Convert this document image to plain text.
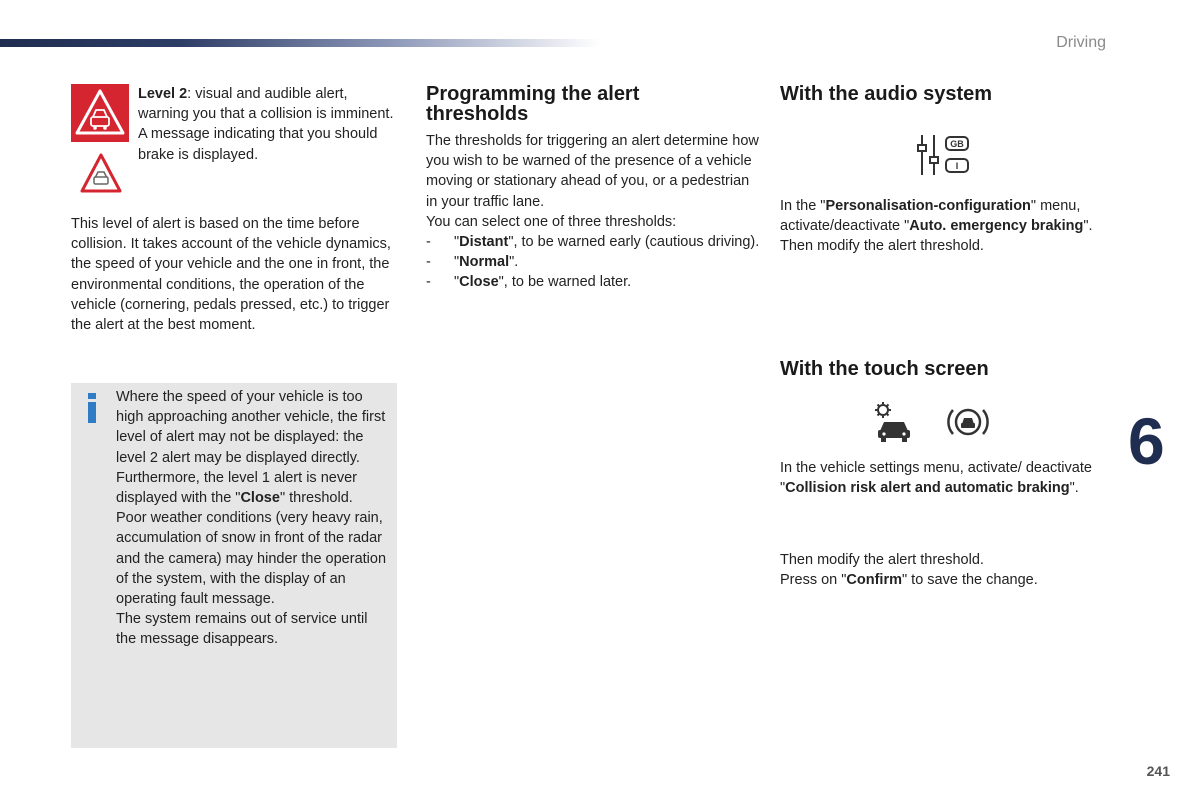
Driving
6
241
Level 2: visual and audible alert, warning you that a collision is imminent.
A message indicating that you should brake is displayed.
This level of alert is based on the time before collision. It takes account of the vehicle dynamics, the speed of your vehicle and the one in front, the environmental conditions, the operation of the vehicle (cornering, pedals pressed, etc.) to trigger the alert at the best moment.
Where the speed of your vehicle is too high approaching another vehicle, the first level of alert may not be displayed: the level 2 alert may be displayed directly.
Furthermore, the level 1 alert is never displayed with the "Close" threshold.
Poor weather conditions (very heavy rain, accumulation of snow in front of the radar and the camera) may hinder the operation of the system, with the display of an operating fault message.
The system remains out of service until the message disappears.
Programming the alert thresholds
The thresholds for triggering an alert determine how you wish to be warned of the presence of a vehicle moving or stationary ahead of you, or a pedestrian in your traffic lane.
You can select one of three thresholds:
- "Distant", to be warned early (cautious driving).
- "Normal".
- "Close", to be warned later.
With the audio system
GB
I
In the "Personalisation-configuration" menu, activate/deactivate "Auto. emergency braking".
Then modify the alert threshold.
With the touch screen
In the vehicle settings menu, activate/ deactivate "Collision risk alert and automatic braking".
Then modify the alert threshold.
Press on "Confirm" to save the change.
